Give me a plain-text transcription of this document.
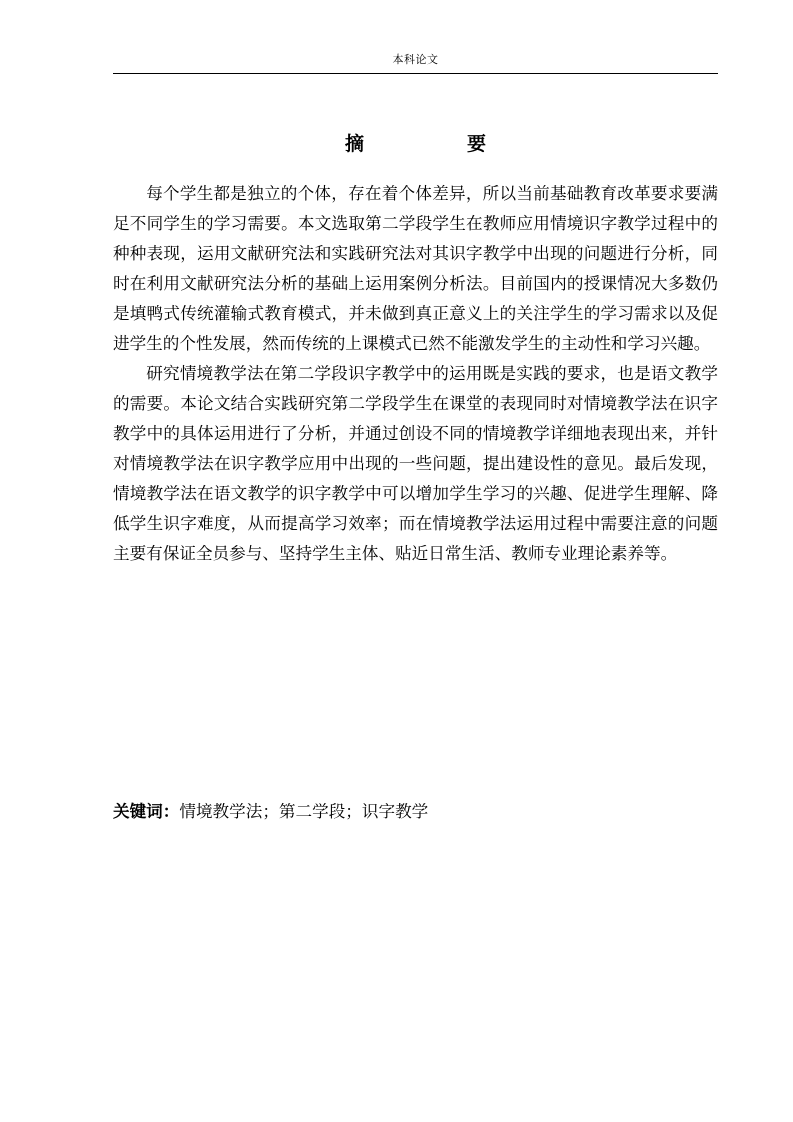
本科论文
摘　要

每个学生都是独立的个体，存在着个体差异，所以当前基础教育改革要求要满足不同学生的学习需要。本文选取第二学段学生在教师应用情境识字教学过程中的种种表现，运用文献研究法和实践研究法对其识字教学中出现的问题进行分析，同时在利用文献研究法分析的基础上运用案例分析法。目前国内的授课情况大多数仍是填鸭式传统灌输式教育模式，并未做到真正意义上的关注学生的学习需求以及促进学生的个性发展，然而传统的上课模式已然不能激发学生的主动性和学习兴趣。

研究情境教学法在第二学段识字教学中的运用既是实践的要求，也是语文教学的需要。本论文结合实践研究第二学段学生在课堂的表现同时对情境教学法在识字教学中的具体运用进行了分析，并通过创设不同的情境教学详细地表现出来，并针对情境教学法在识字教学应用中出现的一些问题，提出建设性的意见。最后发现，情境教学法在语文教学的识字教学中可以增加学生学习的兴趣、促进学生理解、降低学生识字难度，从而提高学习效率；而在情境教学法运用过程中需要注意的问题主要有保证全员参与、坚持学生主体、贴近日常生活、教师专业理论素养等。

关键词：情境教学法；第二学段；识字教学
